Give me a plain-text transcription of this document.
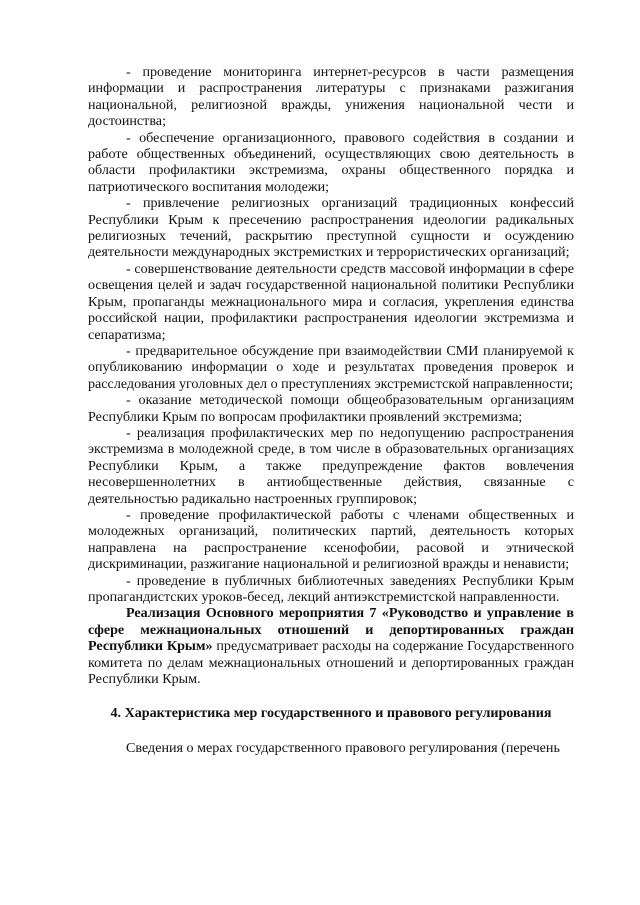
- проведение мониторинга интернет-ресурсов в части размещения информации и распространения литературы с признаками разжигания национальной, религиозной вражды, унижения национальной чести и достоинства;

- обеспечение организационного, правового содействия в создании и работе общественных объединений, осуществляющих свою деятельность в области профилактики экстремизма, охраны общественного порядка и патриотического воспитания молодежи;

- привлечение религиозных организаций традиционных конфессий Республики Крым к пресечению распространения идеологии радикальных религиозных течений, раскрытию преступной сущности и осуждению деятельности международных экстремистких и террористических организаций;

- совершенствование деятельности средств массовой информации в сфере освещения целей и задач государственной национальной политики Республики Крым, пропаганды межнационального мира и согласия, укрепления единства российской нации, профилактики распространения идеологии экстремизма и сепаратизма;

- предварительное обсуждение при взаимодействии СМИ планируемой к опубликованию информации о ходе и результатах проведения проверок и расследования уголовных дел о преступлениях экстремистской направленности;

- оказание методической помощи общеобразовательным организациям Республики Крым по вопросам профилактики проявлений экстремизма;

- реализация профилактических мер по недопущению распространения экстремизма в молодежной среде, в том числе в образовательных организациях Республики Крым, а также предупреждение фактов вовлечения несовершеннолетних в антиобщественные действия, связанные с деятельностью радикально настроенных группировок;

- проведение профилактической работы с членами общественных и молодежных организаций, политических партий, деятельность которых направлена на распространение ксенофобии, расовой и этнической дискриминации, разжигание национальной и религиозной вражды и ненависти;

- проведение в публичных библиотечных заведениях Республики Крым пропагандистских уроков-бесед, лекций антиэкстремистской направленности.

Реализация Основного мероприятия 7 «Руководство и управление в сфере межнациональных отношений и депортированных граждан Республики Крым» предусматривает расходы на содержание Государственного комитета по делам межнациональных отношений и депортированных граждан Республики Крым.

4. Характеристика мер государственного и правового регулирования

Сведения о мерах государственного правового регулирования (перечень
